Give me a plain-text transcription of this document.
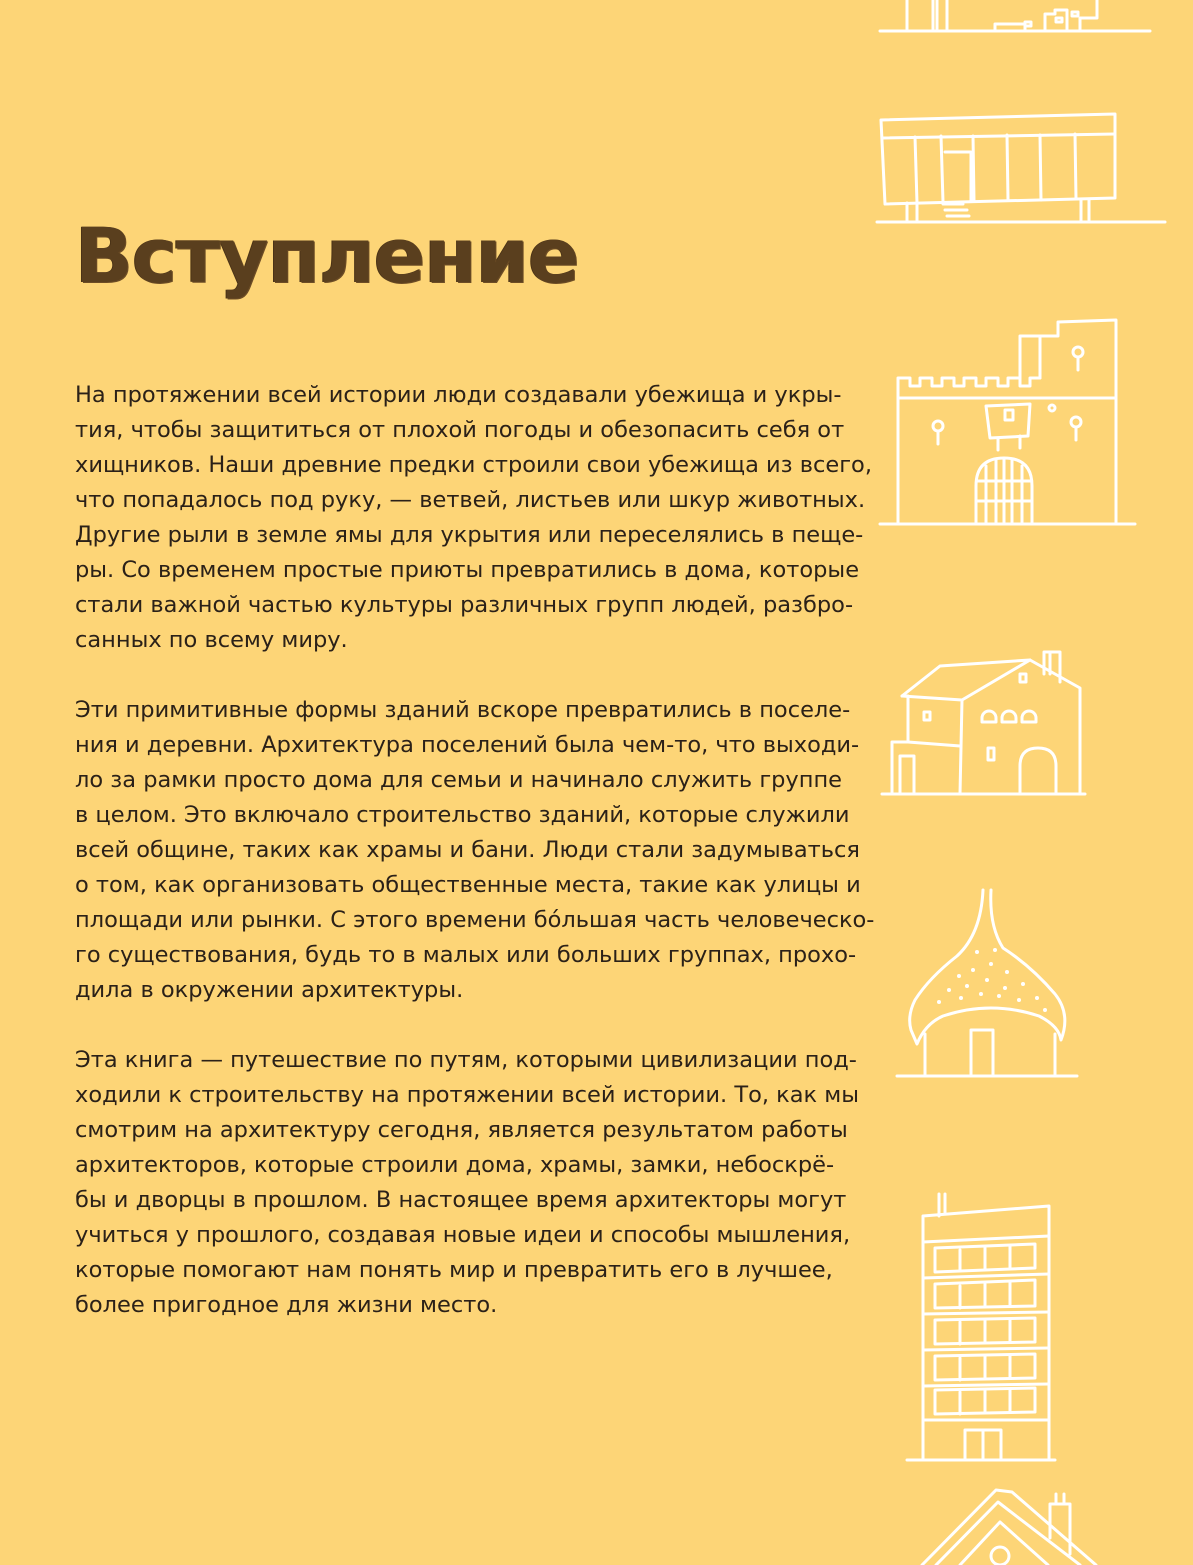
Вступление

На протяжении всей истории люди создавали убежища и укры-
тия, чтобы защититься от плохой погоды и обезопасить себя от
хищников. Наши древние предки строили свои убежища из всего,
что попадалось под руку, — ветвей, листьев или шкур животных.
Другие рыли в земле ямы для укрытия или переселялись в пеще-
ры. Со временем простые приюты превратились в дома, которые
стали важной частью культуры различных групп людей, разбро-
санных по всему миру.

Эти примитивные формы зданий вскоре превратились в поселе-
ния и деревни. Архитектура поселений была чем-то, что выходи-
ло за рамки просто дома для семьи и начинало служить группе
в целом. Это включало строительство зданий, которые служили
всей общине, таких как храмы и бани. Люди стали задумываться
о том, как организовать общественные места, такие как улицы и
площади или рынки. С этого времени бóльшая часть человеческо-
го существования, будь то в малых или больших группах, прохо-
дила в окружении архитектуры.

Эта книга — путешествие по путям, которыми цивилизации под-
ходили к строительству на протяжении всей истории. То, как мы
смотрим на архитектуру сегодня, является результатом работы
архитекторов, которые строили дома, храмы, замки, небоскрё-
бы и дворцы в прошлом. В настоящее время архитекторы могут
учиться у прошлого, создавая новые идеи и способы мышления,
которые помогают нам понять мир и превратить его в лучшее,
более пригодное для жизни место.
